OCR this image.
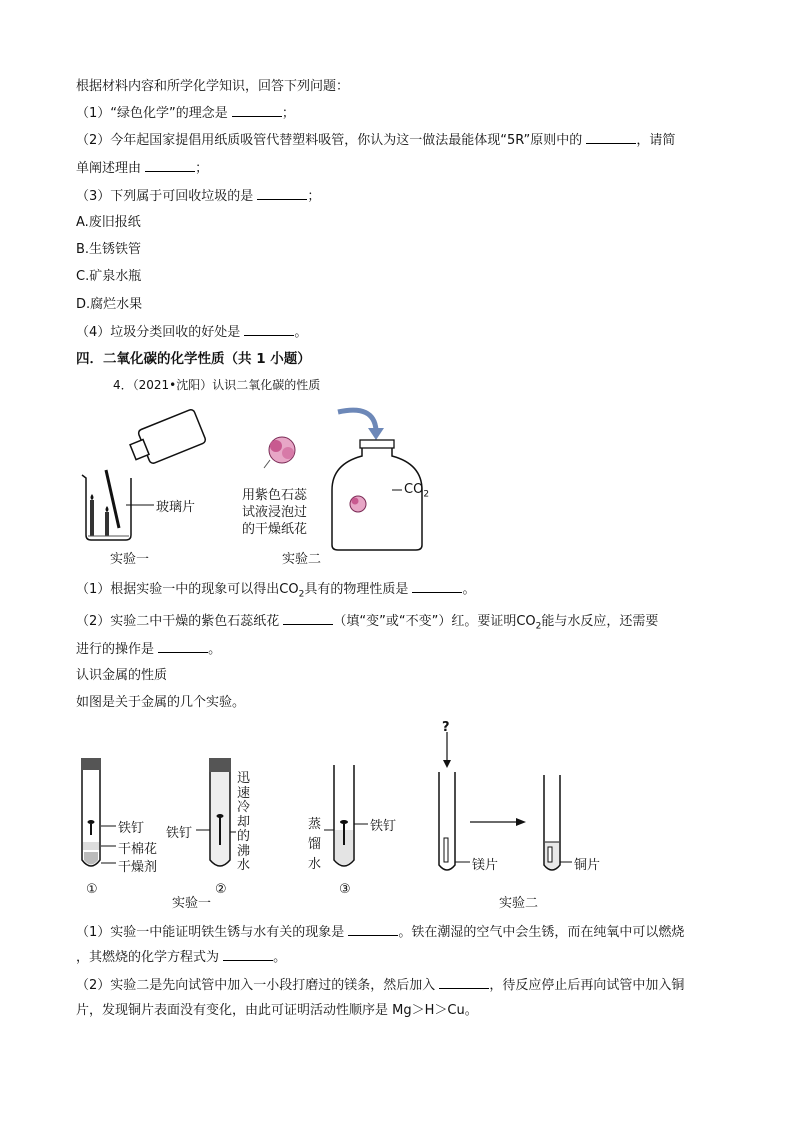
根据材料内容和所学化学知识，回答下列问题：
（1）“绿色化学”的理念是	；
（2）今年起国家提倡用纸质吸管代替塑料吸管，你认为这一做法最能体现“5R”原则中的	，请简
单阐述理由	；
（3）下列属于可回收垃圾的是	；
A.废旧报纸
B.生锈铁管
C.矿泉水瓶
D.腐烂水果
（4）垃圾分类回收的好处是	。
四．二氧化碳的化学性质（共 1 小题）
4．（2021•沈阳）认识二氧化碳的性质
玻璃片
实验一
用紫色石蕊
试液浸泡过
的干燥纸花
$CO_2$
实验二
（1）根据实验一中的现象可以得出$CO_2$具有的物理性质是	。
（2）实验二中干燥的紫色石蕊纸花	（填“变”或“不变”）红。要证明$CO_2$能与水反应，还需要
进行的操作是	。
认识金属的性质
如图是关于金属的几个实验。
铁钉
干棉花
干燥剂
①
铁钉
迅 速 冷 却 的 沸 水
②
实验一
蒸 馏 水
铁钉
③
?
镁片	铜片
实验二
（1）实验一中能证明铁生锈与水有关的现象是	。铁在潮湿的空气中会生锈，而在纯氧中可以燃烧
，其燃烧的化学方程式为	。
（2）实验二是先向试管中加入一小段打磨过的镁条，然后加入	，待反应停止后再向试管中加入铜
片，发现铜片表面没有变化，由此可证明活动性顺序是 Mg＞H＞Cu。
